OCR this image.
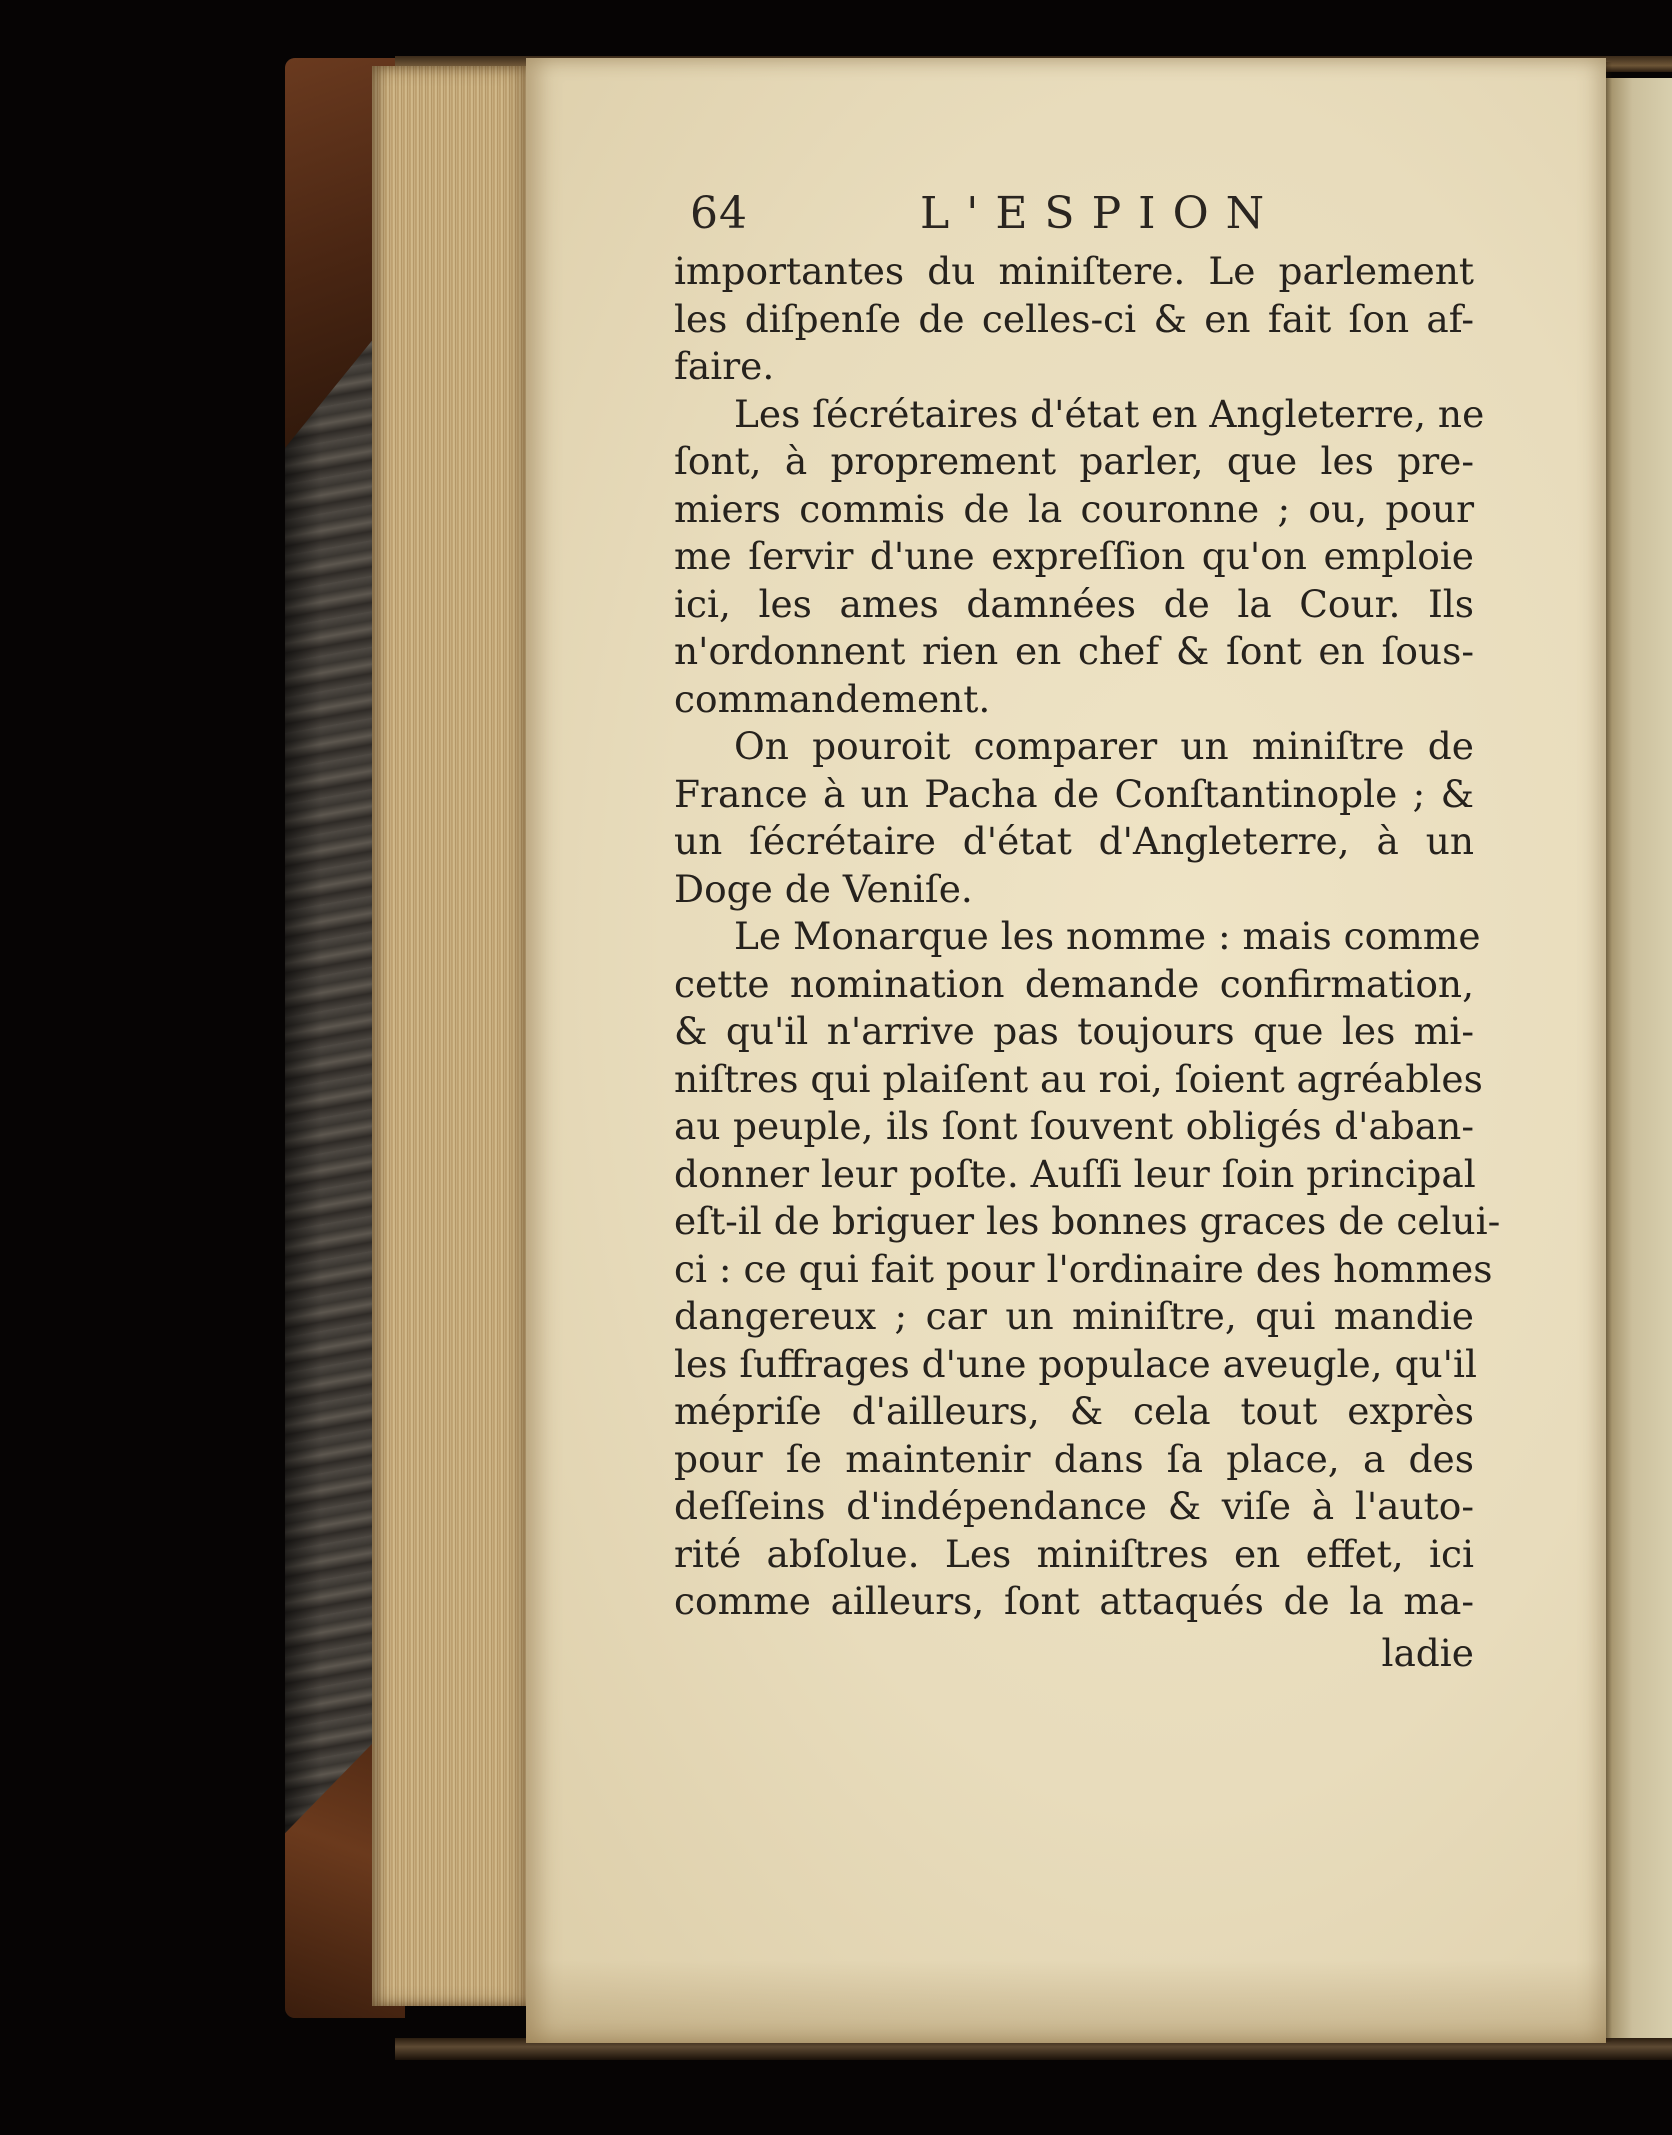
64	L'ESPION
importantes du miniſtere. Le parlement
les diſpenſe de celles-ci & en fait ſon af-
faire.
Les ſécrétaires d'état en Angleterre, ne
ſont, à proprement parler, que les pre-
miers commis de la couronne ; ou, pour
me ſervir d'une expreſſion qu'on emploie
ici, les ames damnées de la Cour. Ils
n'ordonnent rien en chef & ſont en ſous-
commandement.
On pouroit comparer un miniſtre de
France à un Pacha de Conſtantinople ; &
un ſécrétaire d'état d'Angleterre, à un
Doge de Veniſe.
Le Monarque les nomme : mais comme
cette nomination demande confirmation,
& qu'il n'arrive pas toujours que les mi-
niſtres qui plaiſent au roi, ſoient agréables
au peuple, ils ſont ſouvent obligés d'aban-
donner leur poſte. Auſſi leur ſoin principal
eſt-il de briguer les bonnes graces de celui-
ci : ce qui fait pour l'ordinaire des hommes
dangereux ; car un miniſtre, qui mandie
les ſuffrages d'une populace aveugle, qu'il
mépriſe d'ailleurs, & cela tout exprès
pour ſe maintenir dans ſa place, a des
deſſeins d'indépendance & viſe à l'auto-
rité abſolue. Les miniſtres en effet, ici
comme ailleurs, ſont attaqués de la ma-
ladie
